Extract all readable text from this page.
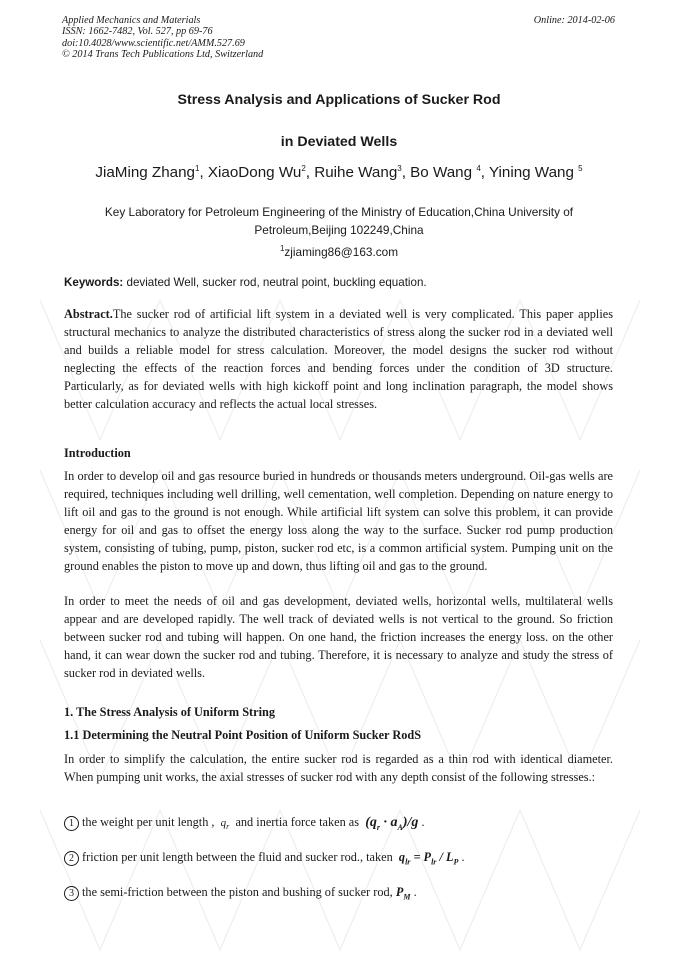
Applied Mechanics and Materials
ISSN: 1662-7482, Vol. 527, pp 69-76
doi:10.4028/www.scientific.net/AMM.527.69
© 2014 Trans Tech Publications Ltd, Switzerland
Online: 2014-02-06
Stress Analysis and Applications of Sucker Rod
in Deviated Wells
JiaMing Zhang$^1$, XiaoDong Wu$^2$, Ruihe Wang$^3$, Bo Wang $^4$, Yining Wang $^5$
Key Laboratory for Petroleum Engineering of the Ministry of Education,China University of Petroleum,Beijing 102249,China
$^1$zjiaming86@163.com
Keywords: deviated Well, sucker rod, neutral point, buckling equation.
Abstract.The sucker rod of artificial lift system in a deviated well is very complicated. This paper applies structural mechanics to analyze the distributed characteristics of stress along the sucker rod in a deviated well and builds a reliable model for stress calculation. Moreover, the model designs the sucker rod without neglecting the effects of the reaction forces and bending forces under the condition of 3D structure. Particularly, as for deviated wells with high kickoff point and long inclination paragraph, the model shows better calculation accuracy and reflects the actual local stresses.
Introduction
In order to develop oil and gas resource buried in hundreds or thousands meters underground. Oil-gas wells are required, techniques including well drilling, well cementation, well completion. Depending on nature energy to lift oil and gas to the ground is not enough. While artificial lift system can solve this problem, it can provide energy for oil and gas to offset the energy loss along the way to the surface. Sucker rod pump production system, consisting of tubing, pump, piston, sucker rod etc, is a common artificial system. Pumping unit on the ground enables the piston to move up and down, thus lifting oil and gas to the ground.
In order to meet the needs of oil and gas development, deviated wells, horizontal wells, multilateral wells appear and are developed rapidly. The well track of deviated wells is not vertical to the ground. So friction between sucker rod and tubing will happen. On one hand, the friction increases the energy loss. on the other hand, it can wear down the sucker rod and tubing. Therefore, it is necessary to analyze and study the stress of sucker rod in deviated wells.
1. The Stress Analysis of Uniform String
1.1 Determining the Neutral Point Position of Uniform Sucker RodS
In order to simplify the calculation, the entire sucker rod is regarded as a thin rod with identical diameter. When pumping unit works, the axial stresses of sucker rod with any depth consist of the following stresses.:
1 the weight per unit length , $q_r$ and inertia force taken as $(q_r \cdot a_A)/g$ .
2 friction per unit length between the fluid and sucker rod., taken $q_{lr} = P_{lr} / L_P$ .
3 the semi-friction between the piston and bushing of sucker rod, $P_M$ .
